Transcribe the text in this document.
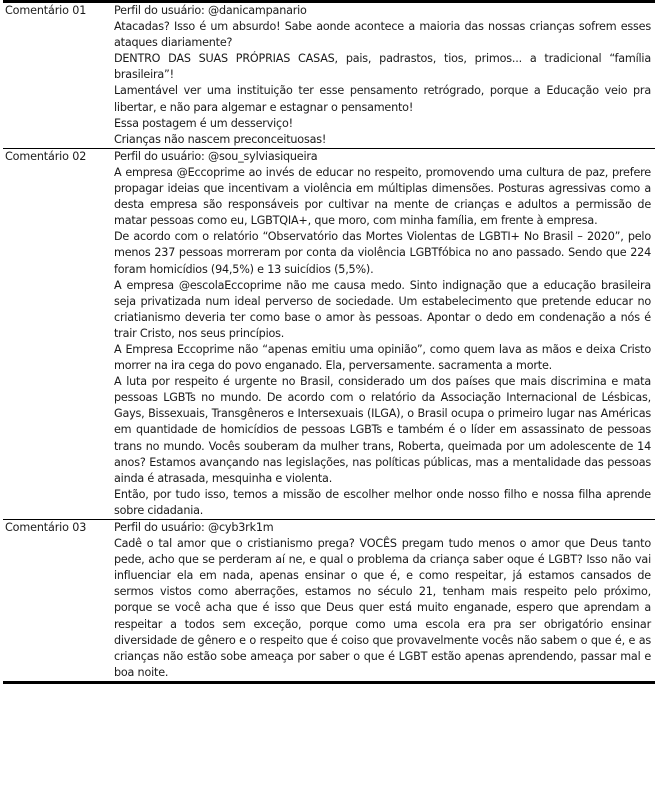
Comentário 01	Perfil do usuário: @danicampanario

Atacadas? Isso é um absurdo! Sabe aonde acontece a maioria das nossas crianças sofrem esses ataques diariamente?

DENTRO DAS SUAS PRÓPRIAS CASAS, pais, padrastos, tios, primos... a tradicional “família brasileira”!

Lamentável ver uma instituição ter esse pensamento retrógrado, porque a Educação veio pra libertar, e não para algemar e estagnar o pensamento!

Essa postagem é um desserviço!

Crianças não nascem preconceituosas!

Comentário 02	Perfil do usuário: @sou_sylviasiqueira

A empresa @Eccoprime ao invés de educar no respeito, promovendo uma cultura de paz, prefere propagar ideias que incentivam a violência em múltiplas dimensões. Posturas agressivas como a desta empresa são responsáveis por cultivar na mente de crianças e adultos a permissão de matar pessoas como eu, LGBTQIA+, que moro, com minha família, em frente à empresa.

De acordo com o relatório “Observatório das Mortes Violentas de LGBTI+ No Brasil – 2020”, pelo menos 237 pessoas morreram por conta da violência LGBTfóbica no ano passado. Sendo que 224 foram homicídios (94,5%) e 13 suicídios (5,5%).

A empresa @escolaEccoprime não me causa medo. Sinto indignação que a educação brasileira seja privatizada num ideal perverso de sociedade. Um estabelecimento que pretende educar no criatianismo deveria ter como base o amor às pessoas. Apontar o dedo em condenação a nós é trair Cristo, nos seus princípios.

A Empresa Eccoprime não “apenas emitiu uma opinião”, como quem lava as mãos e deixa Cristo morrer na ira cega do povo enganado. Ela, perversamente. sacramenta a morte.

A luta por respeito é urgente no Brasil, considerado um dos países que mais discrimina e mata pessoas LGBTs no mundo. De acordo com o relatório da Associação Internacional de Lésbicas, Gays, Bissexuais, Transgêneros e Intersexuais (ILGA), o Brasil ocupa o primeiro lugar nas Américas em quantidade de homicídios de pessoas LGBTs e também é o líder em assassinato de pessoas trans no mundo. Vocês souberam da mulher trans, Roberta, queimada por um adolescente de 14 anos? Estamos avançando nas legislações, nas políticas públicas, mas a mentalidade das pessoas ainda é atrasada, mesquinha e violenta.

Então, por tudo isso, temos a missão de escolher melhor onde nosso filho e nossa filha aprende sobre cidadania.

Comentário 03	Perfil do usuário: @cyb3rk1m

Cadê o tal amor que o cristianismo prega? VOCÊS pregam tudo menos o amor que Deus tanto pede, acho que se perderam aí ne, e qual o problema da criança saber oque é LGBT? Isso não vai influenciar ela em nada, apenas ensinar o que é, e como respeitar, já estamos cansados de sermos vistos como aberrações, estamos no século 21, tenham mais respeito pelo próximo, porque se você acha que é isso que Deus quer está muito enganade, espero que aprendam a respeitar a todos sem exceção, porque como uma escola era pra ser obrigatório ensinar diversidade de gênero e o respeito que é coiso que provavelmente vocês não sabem o que é, e as crianças não estão sobe ameaça por saber o que é LGBT estão apenas aprendendo, passar mal e boa noite.
